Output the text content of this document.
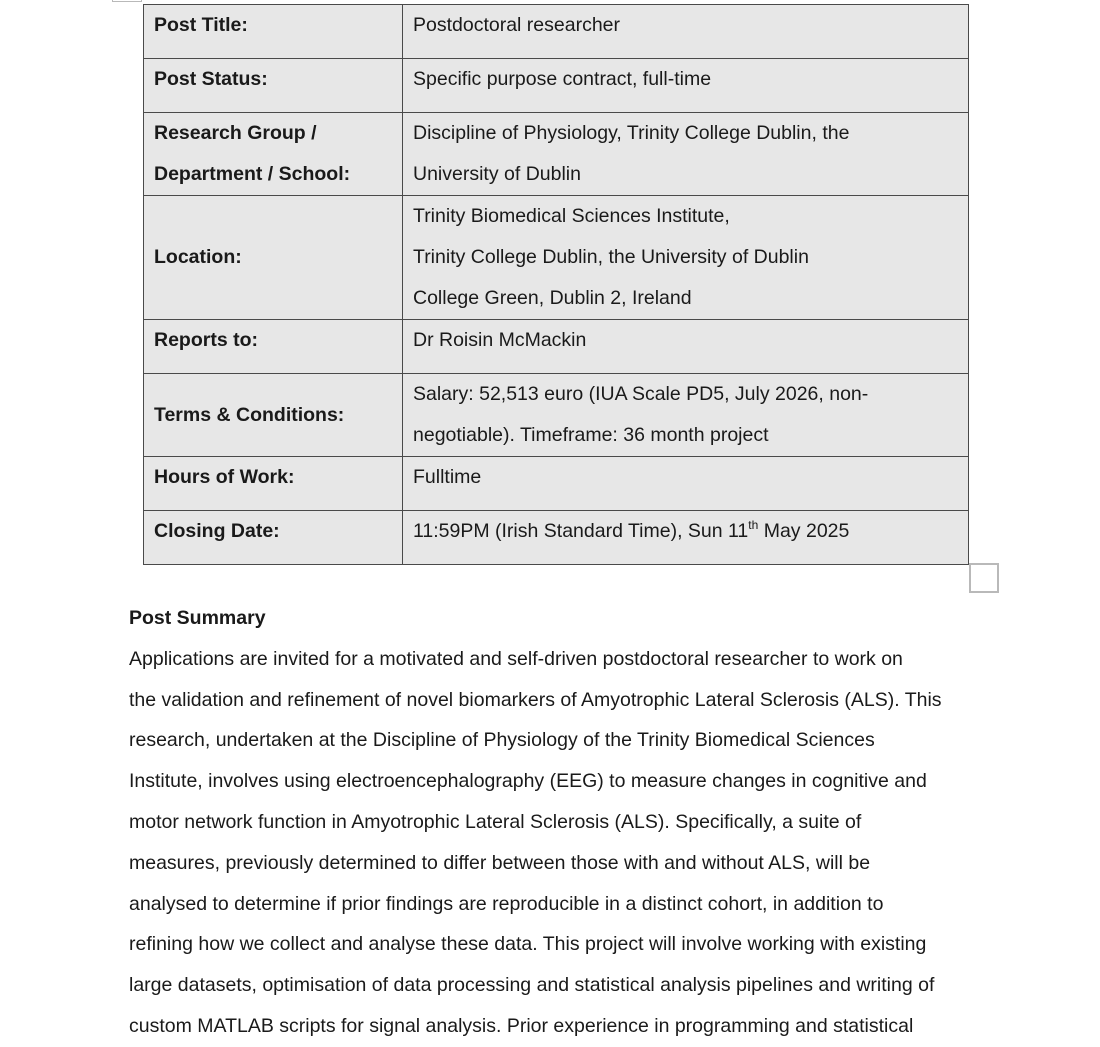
Post Title:	Postdoctoral researcher
Post Status:	Specific purpose contract, full-time

Research Group /
Department / School:	Discipline of Physiology, Trinity College Dublin, the
University of Dublin

Location:	Trinity Biomedical Sciences Institute,
Trinity College Dublin, the University of Dublin
College Green, Dublin 2, Ireland

Reports to:	Dr Roisin McMackin
Terms & Conditions:	Salary: 52,513 euro (IUA Scale PD5, July 2026, non-
negotiable). Timeframe: 36 month project

Hours of Work:	Fulltime
Closing Date:	11:59PM (Irish Standard Time), Sun 11th May 2025
Post Summary
Applications are invited for a motivated and self-driven postdoctoral researcher to work on
the validation and refinement of novel biomarkers of Amyotrophic Lateral Sclerosis (ALS). This
research, undertaken at the Discipline of Physiology of the Trinity Biomedical Sciences
Institute, involves using electroencephalography (EEG) to measure changes in cognitive and
motor network function in Amyotrophic Lateral Sclerosis (ALS). Specifically, a suite of
measures, previously determined to differ between those with and without ALS, will be
analysed to determine if prior findings are reproducible in a distinct cohort, in addition to
refining how we collect and analyse these data. This project will involve working with existing
large datasets, optimisation of data processing and statistical analysis pipelines and writing of
custom MATLAB scripts for signal analysis. Prior experience in programming and statistical
